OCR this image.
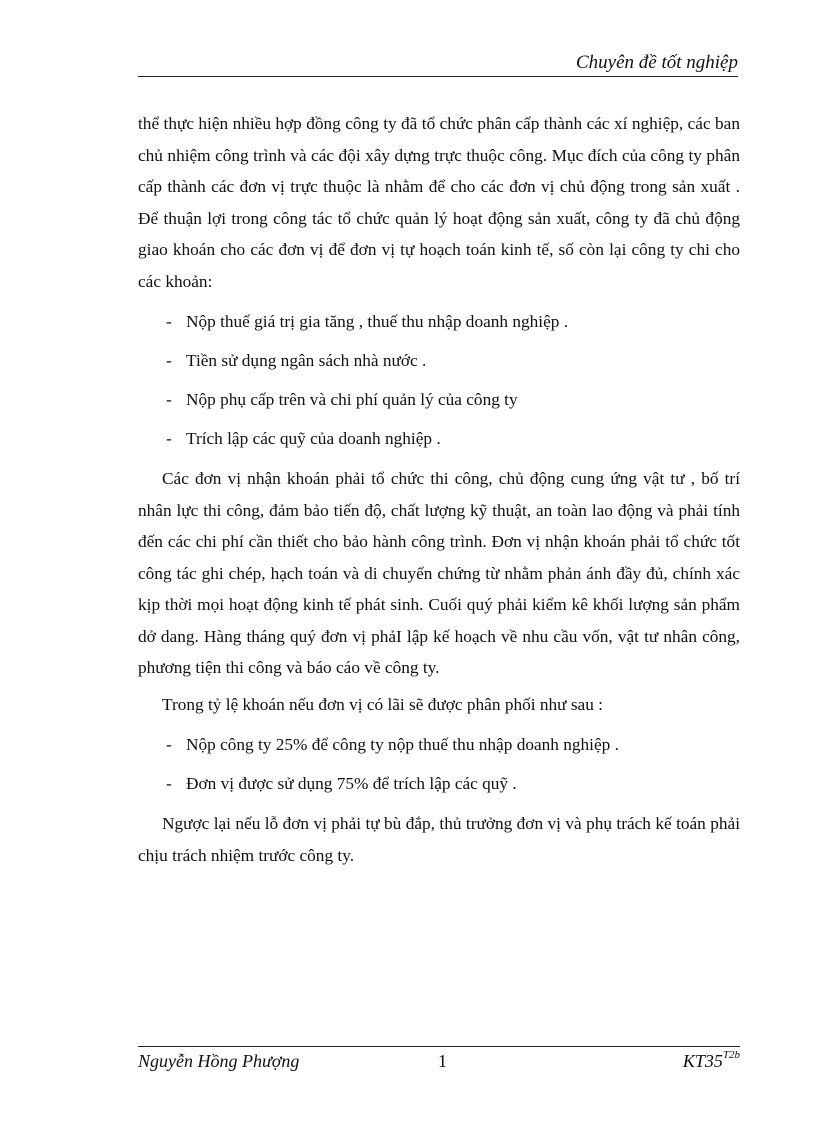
Chuyên đề tốt nghiệp

thể thực hiện nhiều hợp đồng công ty đã tổ chức phân cấp thành các xí nghiệp, các ban chủ nhiệm công trình và các đội xây dựng trực thuộc công. Mục đích của công ty phân cấp thành các đơn vị trực thuộc là nhằm để cho các đơn vị chủ động trong sản xuất . Để thuận lợi trong công tác tổ chức quản lý hoạt động sản xuất, công ty đã chủ động giao khoán cho các đơn vị để đơn vị tự hoạch toán kinh tế, số còn lại công ty chi cho các khoản:

- Nộp thuế giá trị gia tăng , thuế thu nhập doanh nghiệp .
- Tiền sử dụng ngân sách nhà nước .
- Nộp phụ cấp trên và chi phí quản lý của công ty
- Trích lập các quỹ của doanh nghiệp .

Các đơn vị nhận khoán phải tổ chức thi công, chủ động cung ứng vật tư , bố trí nhân lực thi công, đảm bảo tiến độ, chất lượng kỹ thuật, an toàn lao động và phải tính đến các chi phí cần thiết cho bảo hành công trình. Đơn vị nhận khoán phải tổ chức tốt công tác ghi chép, hạch toán và di chuyển chứng từ nhằm phản ánh đầy đủ, chính xác kịp thời mọi hoạt động kinh tế phát sinh. Cuối quý phải kiểm kê khối lượng sản phẩm dở dang. Hàng tháng quý đơn vị phảI lập kế hoạch về nhu cầu vốn, vật tư nhân công, phương tiện thi công và báo cáo về công ty.

Trong tỷ lệ khoán nếu đơn vị có lãi sẽ được phân phối như sau :

- Nộp công ty 25% để công ty nộp thuế thu nhập doanh nghiệp .
- Đơn vị được sử dụng 75% để trích lập các quỹ .

Ngược lại nếu lỗ đơn vị phải tự bù đắp, thủ trưởng đơn vị và phụ trách kế toán phải chịu trách nhiệm trước công ty.

Nguyễn Hồng Phượng	1	$KT35^{T2b}$
